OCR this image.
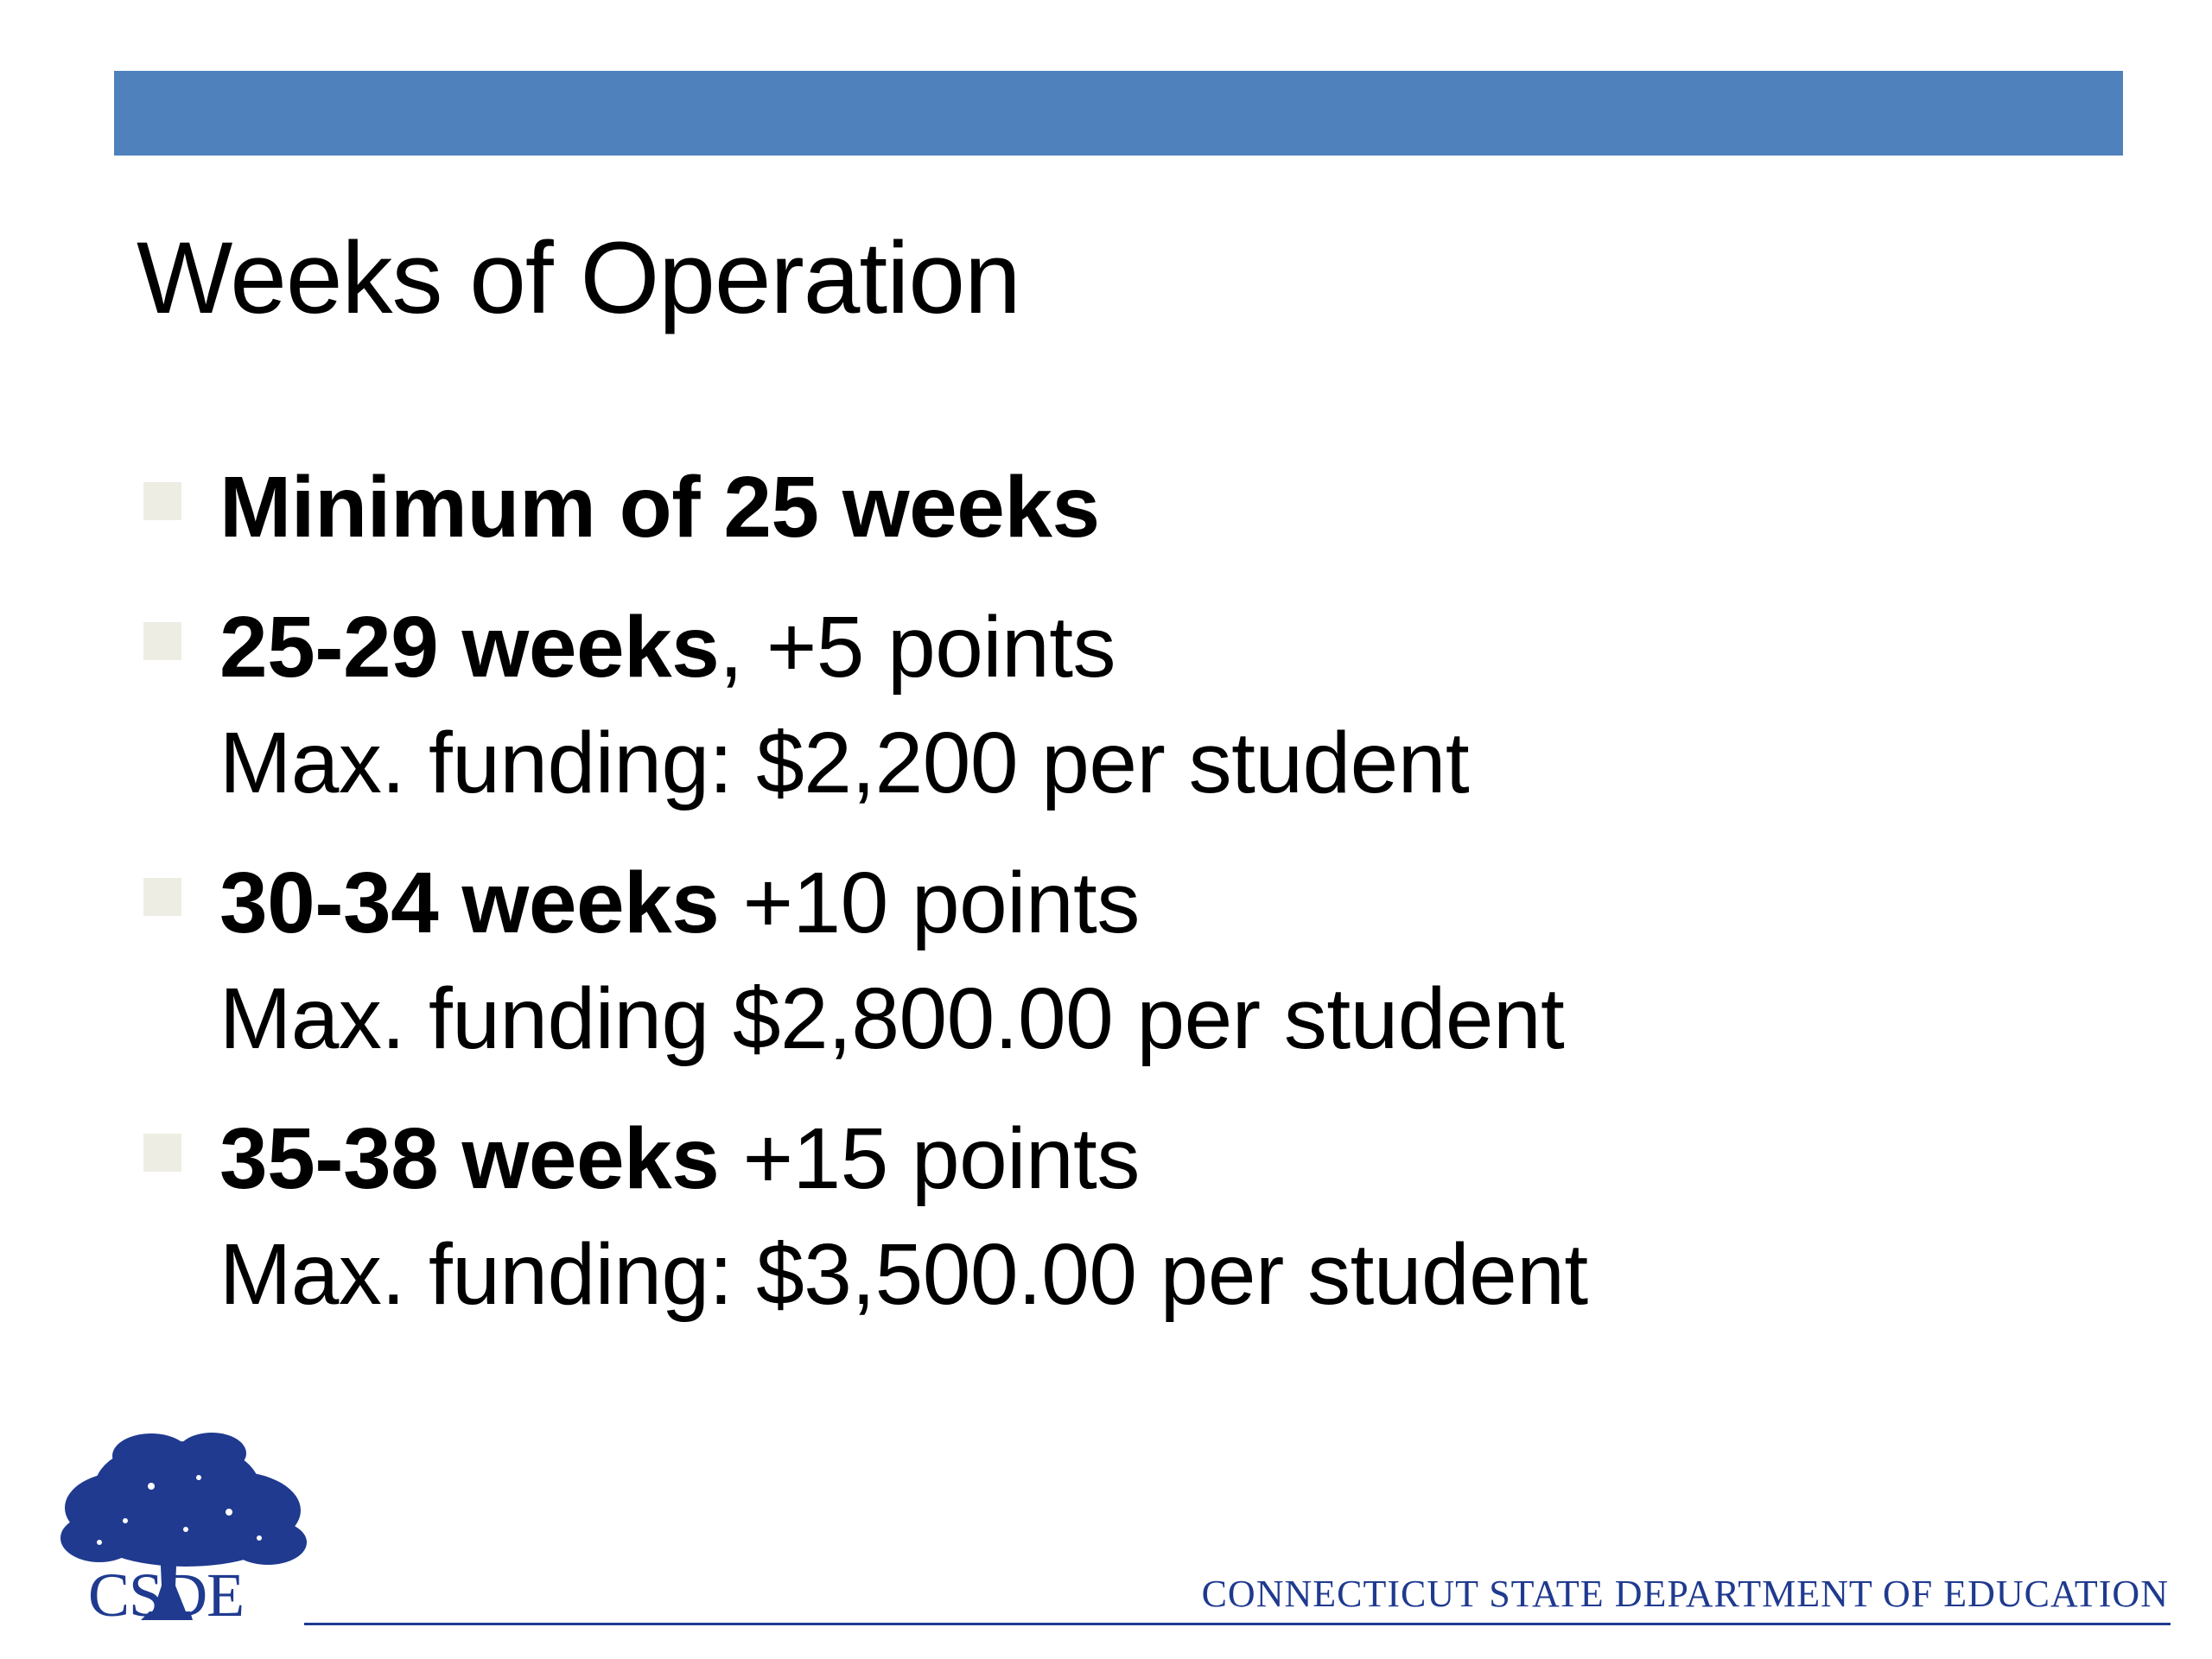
Weeks of Operation
Minimum of 25 weeks
25-29 weeks, +5 points
Max. funding: $2,200 per student
30-34 weeks +10 points
Max. funding $2,800.00 per student
35-38 weeks +15 points
Max. funding: $3,500.00 per student
CSDE	CONNECTICUT STATE DEPARTMENT OF EDUCATION
